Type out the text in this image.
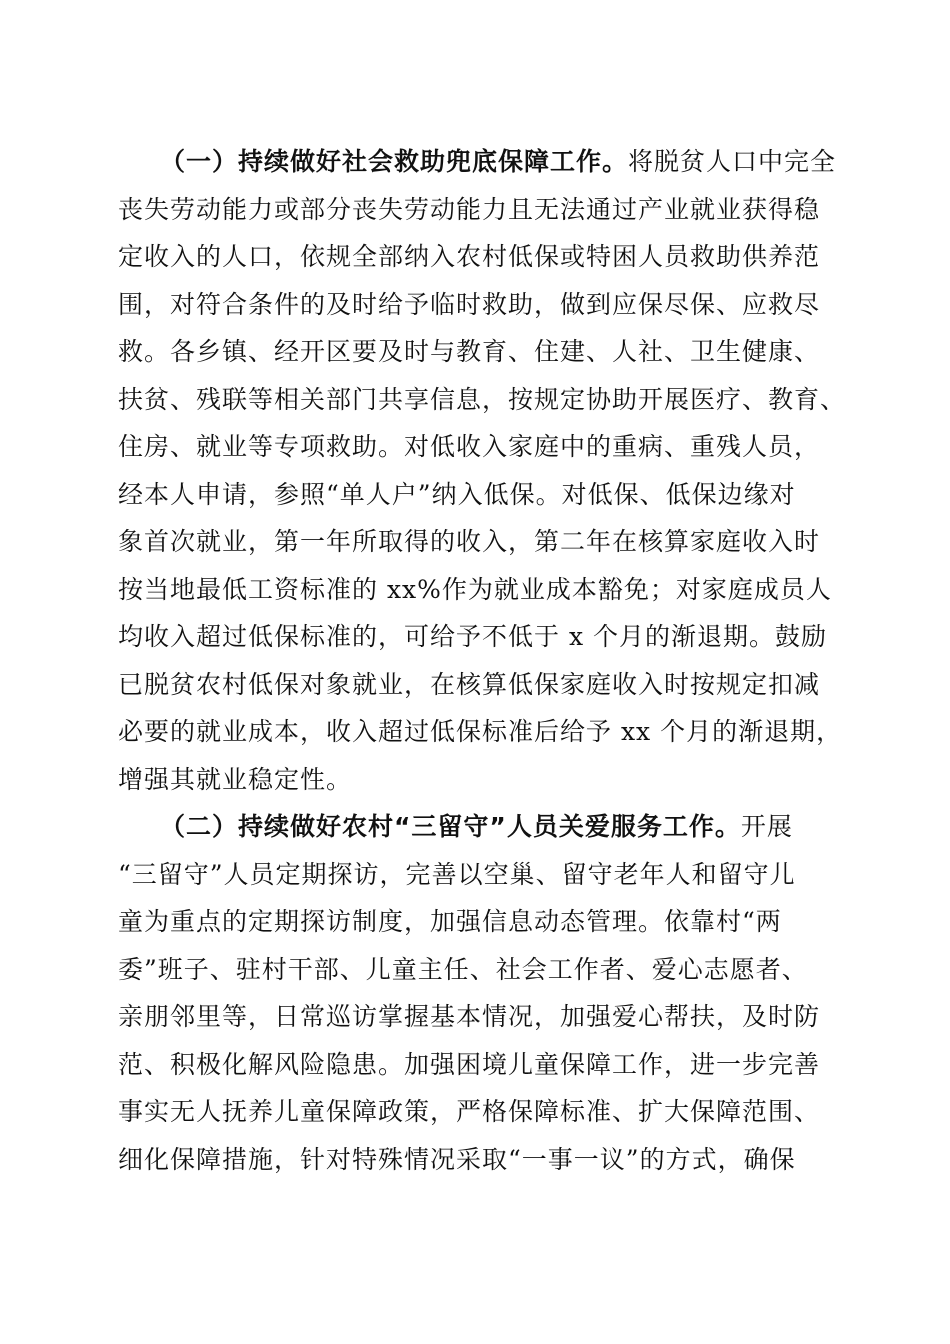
（一）持续做好社会救助兜底保障工作。将脱贫人口中完全
丧失劳动能力或部分丧失劳动能力且无法通过产业就业获得稳
定收入的人口，依规全部纳入农村低保或特困人员救助供养范
围，对符合条件的及时给予临时救助，做到应保尽保、应救尽
救。各乡镇、经开区要及时与教育、住建、人社、卫生健康、
扶贫、残联等相关部门共享信息，按规定协助开展医疗、教育、
住房、就业等专项救助。对低收入家庭中的重病、重残人员，
经本人申请，参照“单人户”纳入低保。对低保、低保边缘对
象首次就业，第一年所取得的收入，第二年在核算家庭收入时
按当地最低工资标准的 xx%作为就业成本豁免；对家庭成员人
均收入超过低保标准的，可给予不低于 x 个月的渐退期。鼓励
已脱贫农村低保对象就业，在核算低保家庭收入时按规定扣减
必要的就业成本，收入超过低保标准后给予 xx 个月的渐退期，
增强其就业稳定性。
（二）持续做好农村“三留守”人员关爱服务工作。开展
“三留守”人员定期探访，完善以空巢、留守老年人和留守儿
童为重点的定期探访制度，加强信息动态管理。依靠村“两
委”班子、驻村干部、儿童主任、社会工作者、爱心志愿者、
亲朋邻里等，日常巡访掌握基本情况，加强爱心帮扶，及时防
范、积极化解风险隐患。加强困境儿童保障工作，进一步完善
事实无人抚养儿童保障政策，严格保障标准、扩大保障范围、
细化保障措施，针对特殊情况采取“一事一议”的方式，确保
